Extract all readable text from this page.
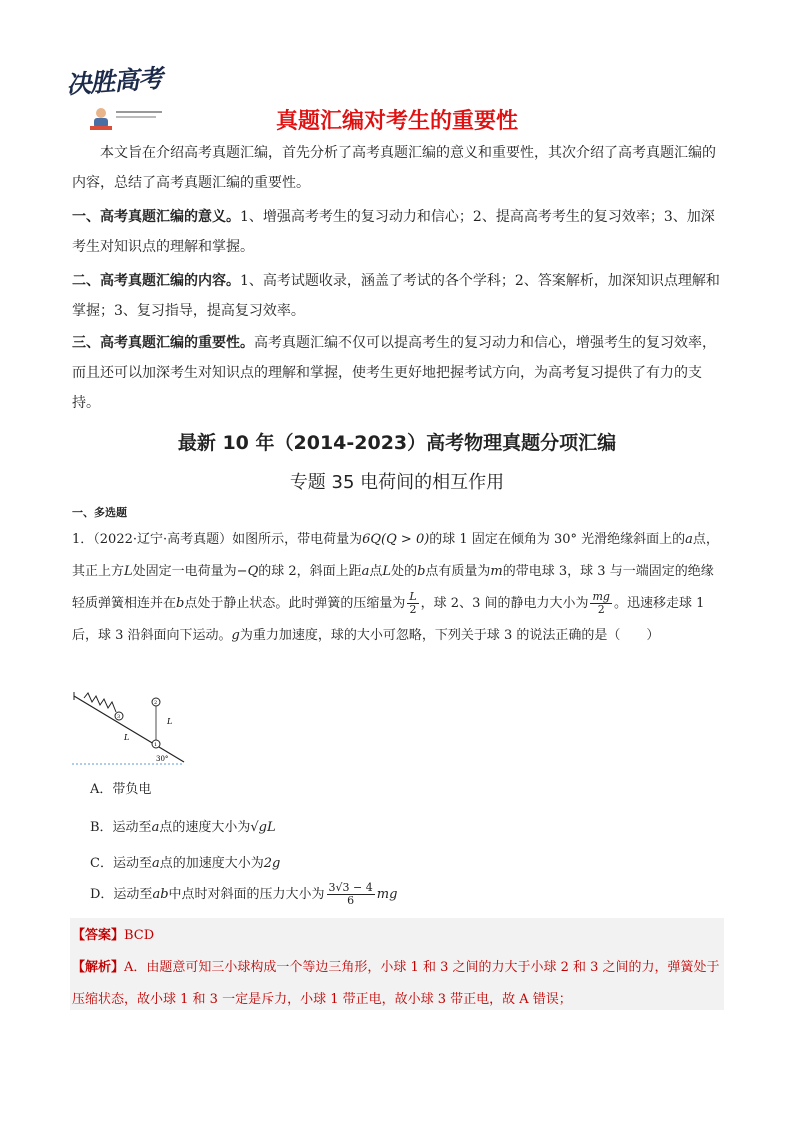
决胜高考
真题汇编对考生的重要性
本文旨在介绍高考真题汇编，首先分析了高考真题汇编的意义和重要性，其次介绍了高考真题汇编的内容，总结了高考真题汇编的重要性。
一、高考真题汇编的意义。1、增强高考考生的复习动力和信心；2、提高高考考生的复习效率；3、加深考生对知识点的理解和掌握。
二、高考真题汇编的内容。1、高考试题收录，涵盖了考试的各个学科；2、答案解析，加深知识点理解和掌握；3、复习指导，提高复习效率。
三、高考真题汇编的重要性。高考真题汇编不仅可以提高考生的复习动力和信心，增强考生的复习效率，而且还可以加深考生对知识点的理解和掌握，使考生更好地把握考试方向，为高考复习提供了有力的支持。
最新 10 年（2014-2023）高考物理真题分项汇编
专题 35 电荷间的相互作用
一、多选题
1．（2022·辽宁·高考真题）如图所示，带电荷量为6Q(Q > 0)的球 1 固定在倾角为 30° 光滑绝缘斜面上的a点，其正上方L处固定一电荷量为−Q的球 2，斜面上距a点L处的b点有质量为m的带电球 3，球 3 与一端固定的绝缘轻质弹簧相连并在b点处于静止状态。此时弹簧的压缩量为 $\frac{L}{2}$ ，球 2、3 间的静电力大小为 $\frac{mg}{2}$ 。迅速移走球 1 后，球 3 沿斜面向下运动。g为重力加速度，球的大小可忽略，下列关于球 3 的说法正确的是（　　）
3
1
2
L
L
30°
A．带负电
B．运动至a点的速度大小为√gL
C．运动至a点的加速度大小为2g
D．运动至ab中点时对斜面的压力大小为 $\frac{3√3 - 4}{6}$ mg
【答案】BCD
【解析】A．由题意可知三小球构成一个等边三角形，小球 1 和 3 之间的力大于小球 2 和 3 之间的力，弹簧处于压缩状态，故小球 1 和 3 一定是斥力，小球 1 带正电，故小球 3 带正电，故 A 错误；
